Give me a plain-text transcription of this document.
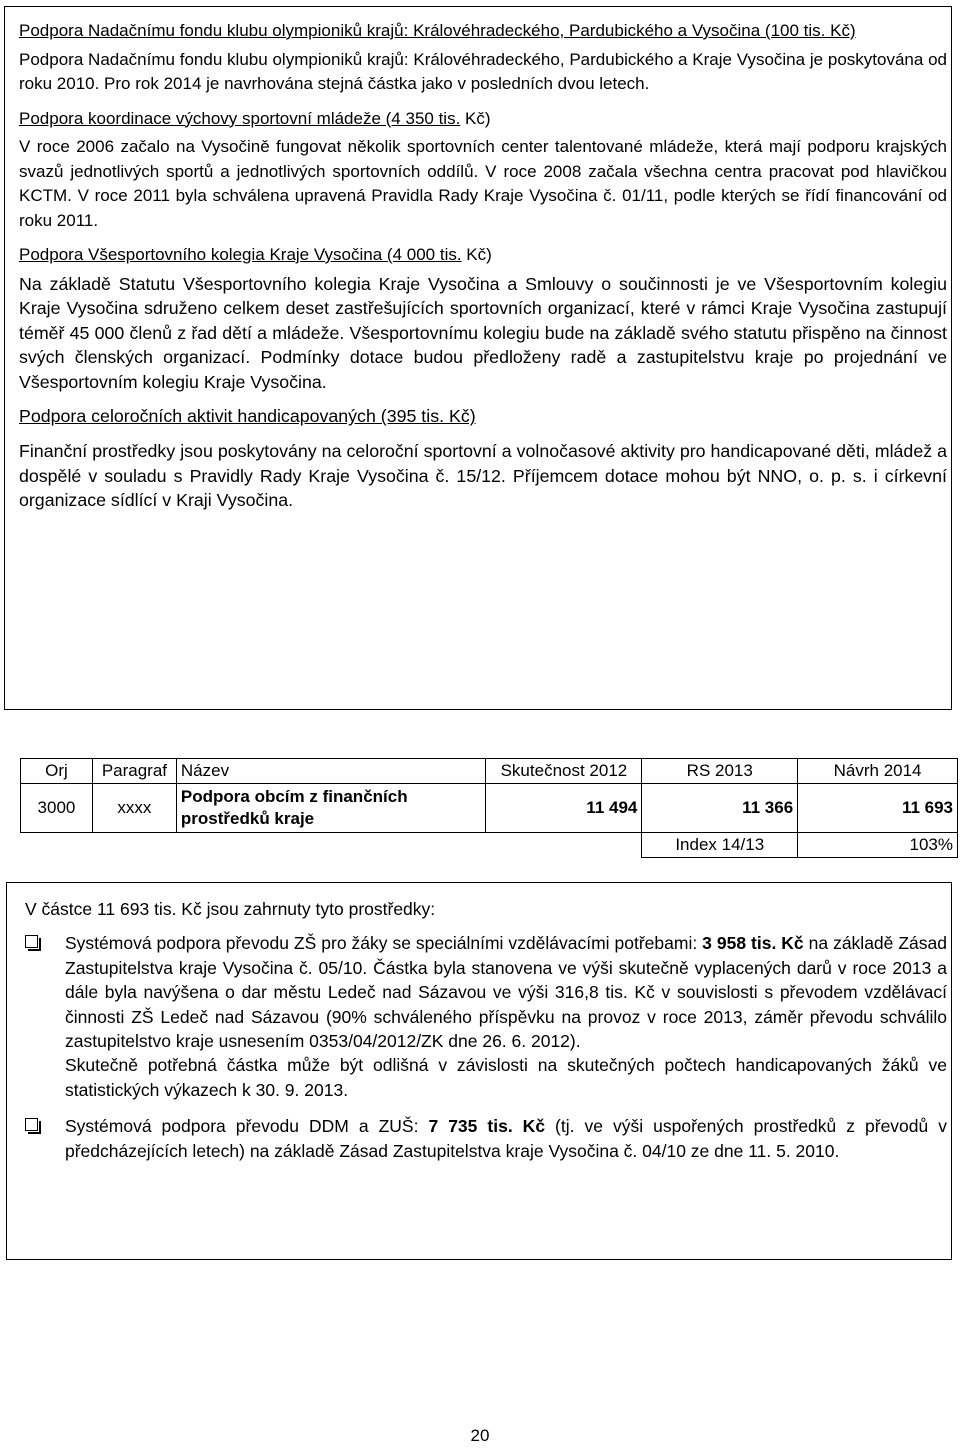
Podpora Nadačnímu fondu klubu olympioniků krajů: Královéhradeckého, Pardubického a Vysočina (100 tis. Kč)

Podpora Nadačnímu fondu klubu olympioniků krajů: Královéhradeckého, Pardubického a Kraje Vysočina je poskytována od roku 2010. Pro rok 2014 je navrhována stejná částka jako v posledních dvou letech.

Podpora koordinace výchovy sportovní mládeže (4 350 tis. Kč)

V roce 2006 začalo na Vysočině fungovat několik sportovních center talentované mládeže, která mají podporu krajských svazů jednotlivých sportů a jednotlivých sportovních oddílů. V roce 2008 začala všechna centra pracovat pod hlavičkou KCTM. V roce 2011 byla schválena upravená Pravidla Rady Kraje Vysočina č. 01/11, podle kterých se řídí financování od roku 2011.

Podpora Všesportovního kolegia Kraje Vysočina (4 000 tis. Kč)

Na základě Statutu Všesportovního kolegia Kraje Vysočina a Smlouvy o součinnosti je ve Všesportovním kolegiu Kraje Vysočina sdruženo celkem deset zastřešujících sportovních organizací, které v rámci Kraje Vysočina zastupují téměř 45 000 členů z řad dětí a mládeže. Všesportovnímu kolegiu bude na základě svého statutu přispěno na činnost svých členských organizací. Podmínky dotace budou předloženy radě a zastupitelstvu kraje po projednání ve Všesportovním kolegiu Kraje Vysočina.

Podpora celoročních aktivit handicapovaných (395 tis. Kč)

Finanční prostředky jsou poskytovány na celoroční sportovní a volnočasové aktivity pro handicapované děti, mládež a dospělé v souladu s Pravidly Rady Kraje Vysočina č. 15/12. Příjemcem dotace mohou být NNO, o. p. s. i církevní organizace sídlící v Kraji Vysočina.

Orj	Paragraf	Název	Skutečnost 2012	RS 2013	Návrh 2014
3000	xxxx	Podpora obcím z finančních prostředků kraje	11 494	11 366	11 693
				Index 14/13	103%

V částce 11 693 tis. Kč jsou zahrnuty tyto prostředky:

Systémová podpora převodu ZŠ pro žáky se speciálními vzdělávacími potřebami: 3 958 tis. Kč na základě Zásad Zastupitelstva kraje Vysočina č. 05/10. Částka byla stanovena ve výši skutečně vyplacených darů v roce 2013 a dále byla navýšena o dar městu Ledeč nad Sázavou ve výši 316,8 tis. Kč v souvislosti s převodem vzdělávací činnosti ZŠ Ledeč nad Sázavou (90% schváleného příspěvku na provoz v roce 2013, záměr převodu schválilo zastupitelstvo kraje usnesením 0353/04/2012/ZK dne 26. 6. 2012).

Skutečně potřebná částka může být odlišná v závislosti na skutečných počtech handicapovaných žáků ve statistických výkazech k 30. 9. 2013.

Systémová podpora převodu DDM a ZUŠ: 7 735 tis. Kč (tj. ve výši uspořených prostředků z převodů v předcházejících letech) na základě Zásad Zastupitelstva kraje Vysočina č. 04/10 ze dne 11. 5. 2010.

20
